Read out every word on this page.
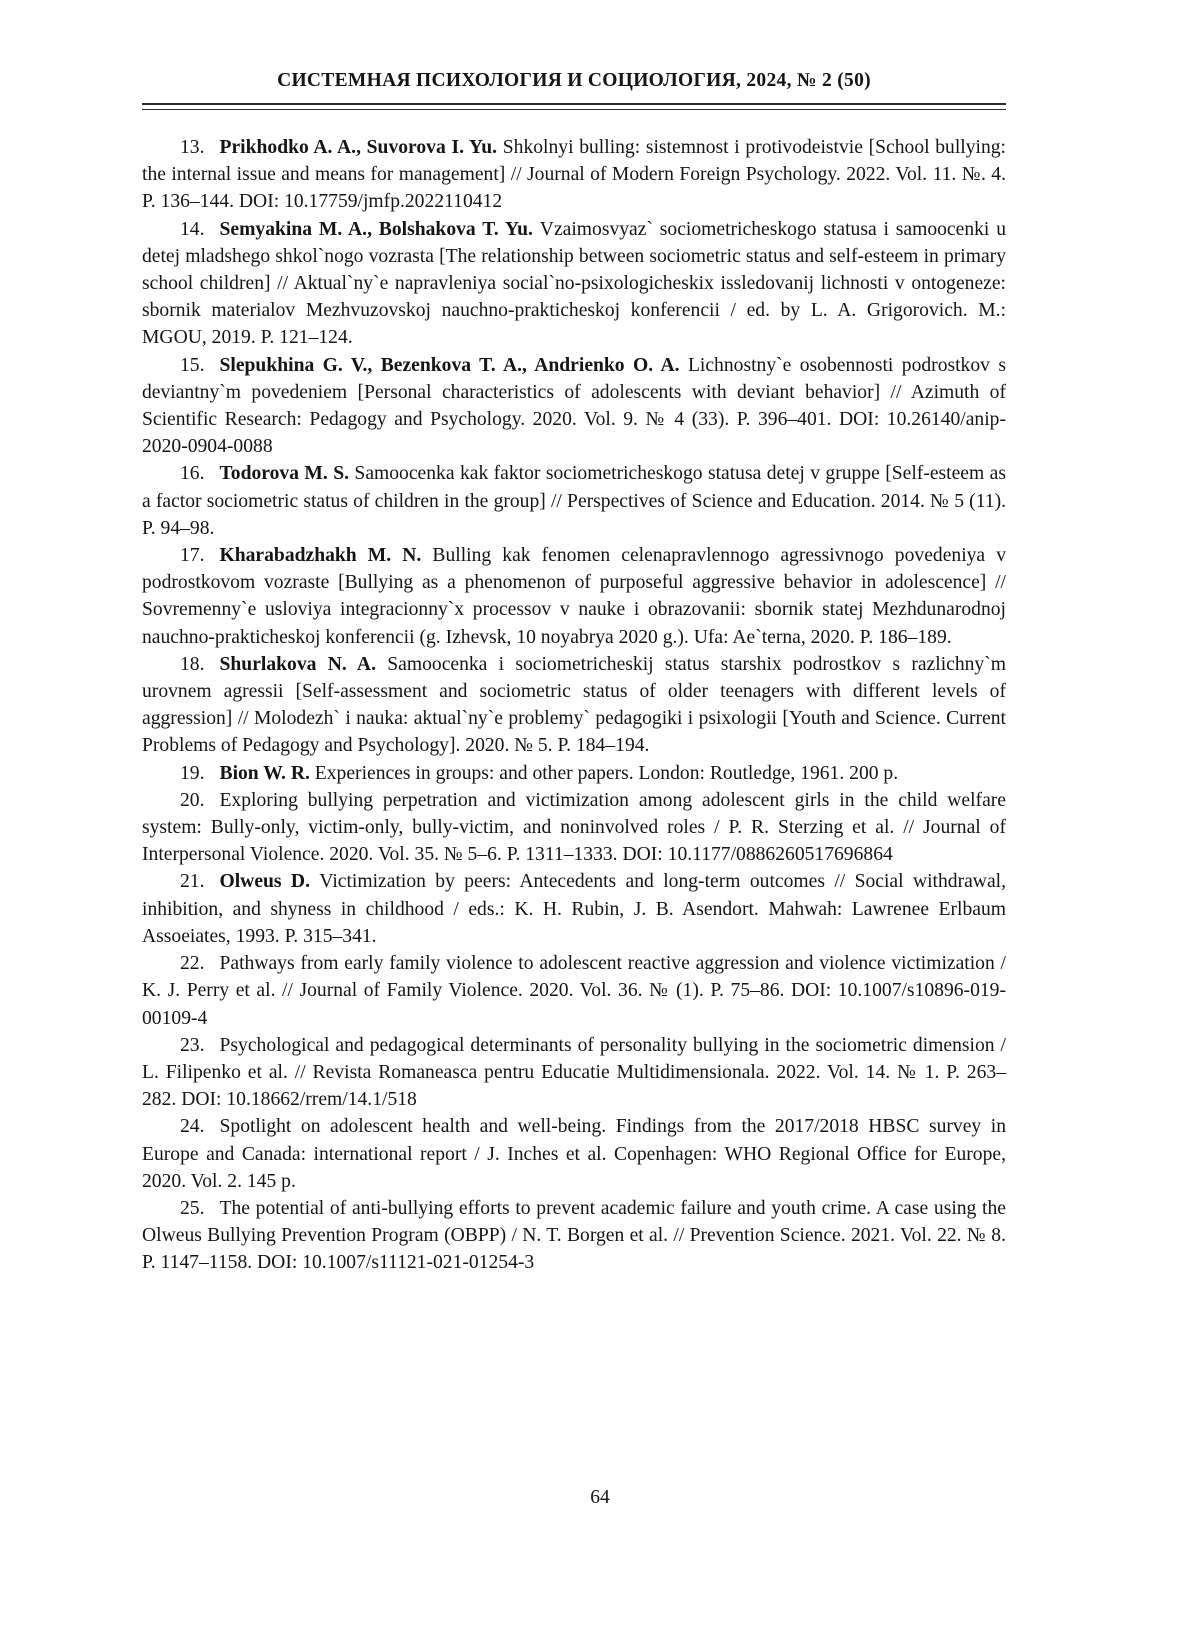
СИСТЕМНАЯ ПСИХОЛОГИЯ И СОЦИОЛОГИЯ, 2024, № 2 (50)

13. Prikhodko A. A., Suvorova I. Yu. Shkolnyi bulling: sistemnost i protivodeistvie [School bullying: the internal issue and means for management] // Journal of Modern Foreign Psychology. 2022. Vol. 11. №. 4. P. 136–144. DOI: 10.17759/jmfp.2022110412

14. Semyakina M. A., Bolshakova T. Yu. Vzaimosvyaz` sociometricheskogo statusa i samoocenki u detej mladshego shkol`nogo vozrasta [The relationship between sociometric status and self-esteem in primary school children] // Aktual`ny`e napravleniya social`no-psixologicheskix issledovanij lichnosti v ontogeneze: sbornik materialov Mezhvuzovskoj nauchno-prakticheskoj konferencii / ed. by L. A. Grigorovich. M.: MGOU, 2019. P. 121–124.

15. Slepukhina G. V., Bezenkova T. A., Andrienko O. A. Lichnostny`e osobennosti podrostkov s deviantny`m povedeniem [Personal characteristics of adolescents with deviant behavior] // Azimuth of Scientific Research: Pedagogy and Psychology. 2020. Vol. 9. № 4 (33). P. 396–401. DOI: 10.26140/anip-2020-0904-0088

16. Todorova M. S. Samoocenka kak faktor sociometricheskogo statusa detej v gruppe [Self-esteem as a factor sociometric status of children in the group] // Perspectives of Science and Education. 2014. № 5 (11). P. 94–98.

17. Kharabadzhakh M. N. Bulling kak fenomen celenapravlennogo agressivnogo povedeniya v podrostkovom vozraste [Bullying as a phenomenon of purposeful aggressive behavior in adolescence] // Sovremenny`e usloviya integracionny`x processov v nauke i obrazovanii: sbornik statej Mezhdunarodnoj nauchno-prakticheskoj konferencii (g. Izhevsk, 10 noyabrya 2020 g.). Ufa: Ae`terna, 2020. P. 186–189.

18. Shurlakova N. A. Samoocenka i sociometricheskij status starshix podrostkov s razlichny`m urovnem agressii [Self-assessment and sociometric status of older teenagers with different levels of aggression] // Molodezh` i nauka: aktual`ny`e problemy` pedagogiki i psixologii [Youth and Science. Current Problems of Pedagogy and Psychology]. 2020. № 5. P. 184–194.

19. Bion W. R. Experiences in groups: and other papers. London: Routledge, 1961. 200 p.

20. Exploring bullying perpetration and victimization among adolescent girls in the child welfare system: Bully-only, victim-only, bully-victim, and noninvolved roles / P. R. Sterzing et al. // Journal of Interpersonal Violence. 2020. Vol. 35. № 5–6. P. 1311–1333. DOI: 10.1177/0886260517696864

21. Olweus D. Victimization by peers: Antecedents and long-term outcomes // Social withdrawal, inhibition, and shyness in childhood / eds.: K. H. Rubin, J. B. Asendort. Mahwah: Lawrenee Erlbaum Assoeiates, 1993. P. 315–341.

22. Pathways from early family violence to adolescent reactive aggression and violence victimization / K. J. Perry et al. // Journal of Family Violence. 2020. Vol. 36. № (1). P. 75–86. DOI: 10.1007/s10896-019-00109-4

23. Psychological and pedagogical determinants of personality bullying in the sociometric dimension / L. Filipenko et al. // Revista Romaneasca pentru Educatie Multidimensionala. 2022. Vol. 14. № 1. P. 263–282. DOI: 10.18662/rrem/14.1/518

24. Spotlight on adolescent health and well-being. Findings from the 2017/2018 HBSC survey in Europe and Canada: international report / J. Inches et al. Copenhagen: WHO Regional Office for Europe, 2020. Vol. 2. 145 p.

25. The potential of anti-bullying efforts to prevent academic failure and youth crime. A case using the Olweus Bullying Prevention Program (OBPP) / N. T. Borgen et al. // Prevention Science. 2021. Vol. 22. № 8. P. 1147–1158. DOI: 10.1007/s11121-021-01254-3

64
